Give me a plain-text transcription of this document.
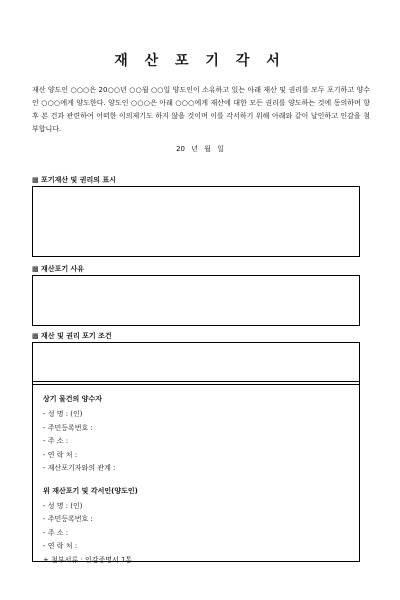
재 산 포 기 각 서
재산 양도인 ○○○은 20○○년 ○○월 ○○일 양도인이 소유하고 있는 아래 재산 및 권리를 모두 포기하고 양수인 ○○○에게 양도한다. 양도인 ○○○은 아래 ○○○에게 재산에 대한 모든 권리를 양도하는 것에 동의하며 향후 본 건과 관련하여 어떠한 이의제기도 하지 않을 것이며 이를 각서하기 위해 아래와 같이 날인하고 인감을 첨부합니다.
20 년 월 일
▩ 포기재산 및 권리의 표시
▩ 재산포기 사유
▩ 재산 및 권리 포기 조건
상기 물건의 양수자
- 성 명 : (인)
- 주민등록번호 :
- 주 소 :
- 연 락 처 :
- 재산포기자와의 관계 :
위 재산포기 및 각서인(양도인)
- 성 명 : (인)
- 주민등록번호 :
- 주 소 :
- 연 락 처 :
+ 첨부서류 : 인감증명서 1통
